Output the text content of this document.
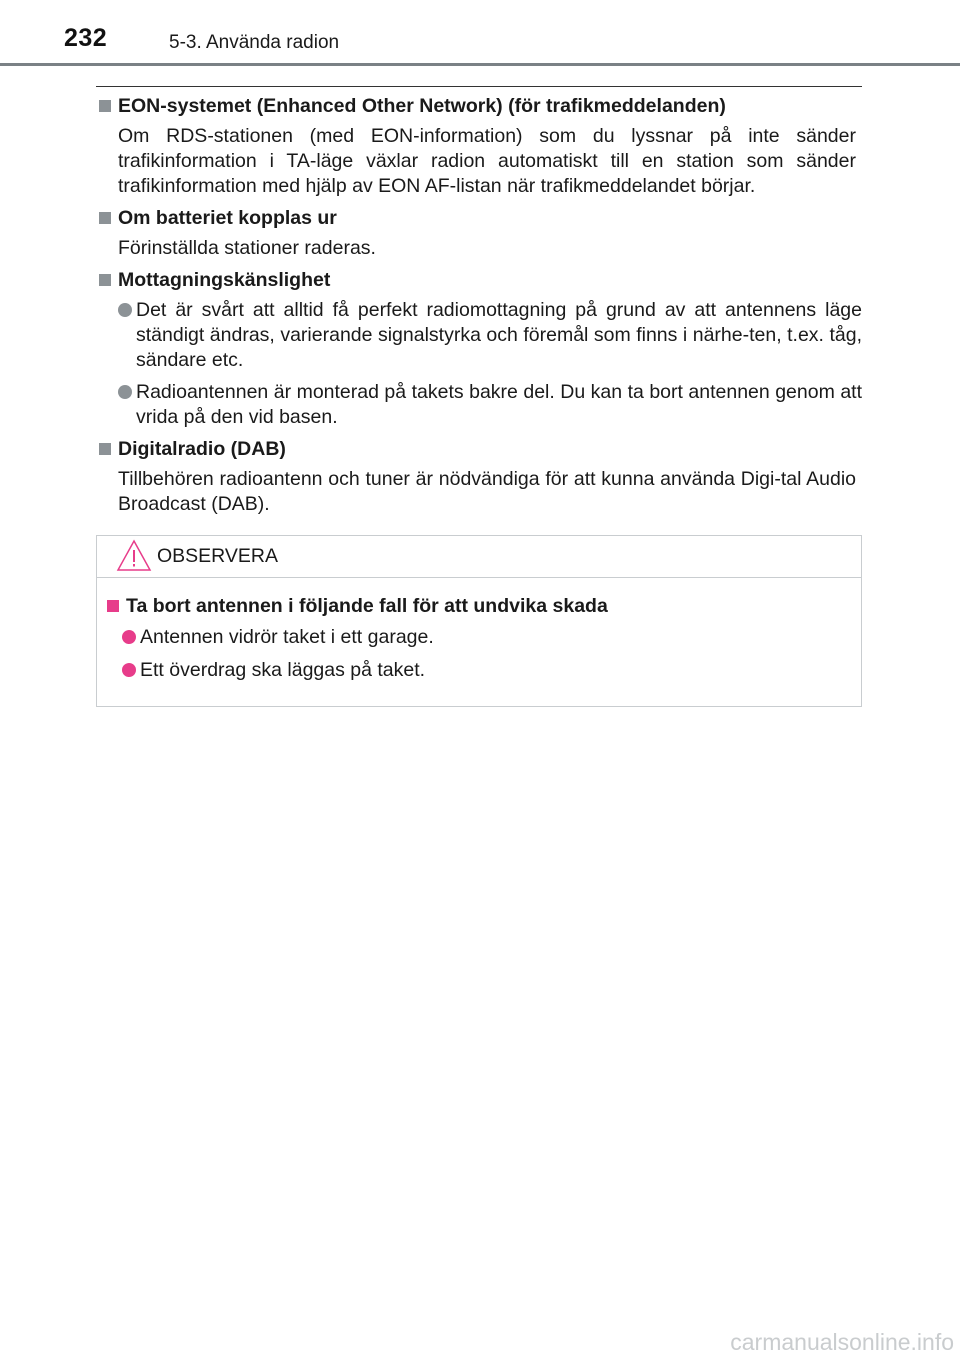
232	5-3. Använda radion
EON-systemet (Enhanced Other Network) (för trafikmeddelanden)
Om RDS-stationen (med EON-information) som du lyssnar på inte sänder trafikinformation i TA-läge växlar radion automatiskt till en station som sänder trafikinformation med hjälp av EON AF-listan när trafikmeddelandet börjar.
Om batteriet kopplas ur
Förinställda stationer raderas.
Mottagningskänslighet
Det är svårt att alltid få perfekt radiomottagning på grund av att antennens läge ständigt ändras, varierande signalstyrka och föremål som finns i närhe-ten, t.ex. tåg, sändare etc.
Radioantennen är monterad på takets bakre del. Du kan ta bort antennen genom att vrida på den vid basen.
Digitalradio (DAB)
Tillbehören radioantenn och tuner är nödvändiga för att kunna använda Digi-tal Audio Broadcast (DAB).
OBSERVERA
Ta bort antennen i följande fall för att undvika skada
Antennen vidrör taket i ett garage.
Ett överdrag ska läggas på taket.
carmanualsonline.info
